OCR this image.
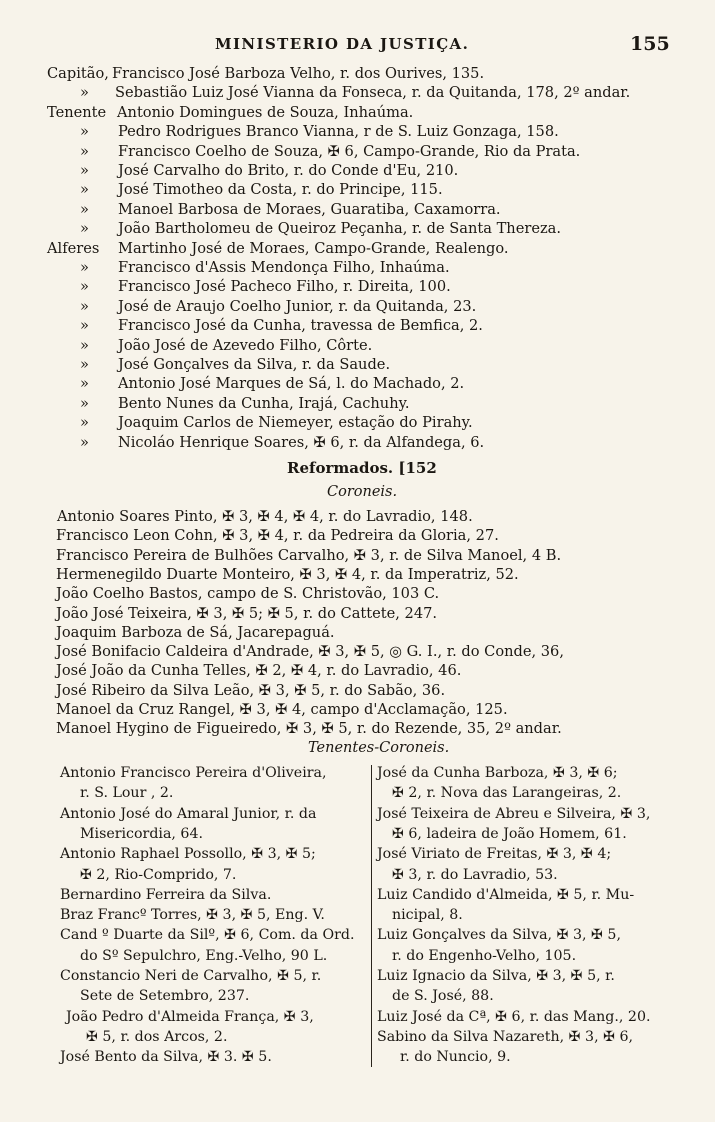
MINISTERIO DA JUSTIÇA.	155
Capitão, Francisco José Barboza Velho, r. dos Ourives, 135.
» Sebastião Luiz José Vianna da Fonseca, r. da Quitanda, 178, 2º andar.
Tenente Antonio Domingues de Souza, Inhaúma.
» Pedro Rodrigues Branco Vianna, r de S. Luiz Gonzaga, 158.
» Francisco Coelho de Souza, ✠ 6, Campo-Grande, Rio da Prata.
» José Carvalho do Brito, r. do Conde d'Eu, 210.
» José Timotheo da Costa, r. do Principe, 115.
» Manoel Barbosa de Moraes, Guaratiba, Caxamorra.
» João Bartholomeu de Queiroz Peçanha, r. de Santa Thereza.
Alferes Martinho José de Moraes, Campo-Grande, Realengo.
» Francisco d'Assis Mendonça Filho, Inhaúma.
» Francisco José Pacheco Filho, r. Direita, 100.
» José de Araujo Coelho Junior, r. da Quitanda, 23.
» Francisco José da Cunha, travessa de Bemfica, 2.
» João José de Azevedo Filho, Côrte.
» José Gonçalves da Silva, r. da Saude.
» Antonio José Marques de Sá, l. do Machado, 2.
» Bento Nunes da Cunha, Irajá, Cachuhy.
» Joaquim Carlos de Niemeyer, estação do Pirahy.
» Nicoláo Henrique Soares, ✠ 6, r. da Alfandega, 6.
Reformados. [152
Coroneis.
Antonio Soares Pinto, ✠ 3, ✠ 4, ✠ 4, r. do Lavradio, 148.
Francisco Leon Cohn, ✠ 3, ✠ 4, r. da Pedreira da Gloria, 27.
Francisco Pereira de Bulhões Carvalho, ✠ 3, r. de Silva Manoel, 4 B.
Hermenegildo Duarte Monteiro, ✠ 3, ✠ 4, r. da Imperatriz, 52.
João Coelho Bastos, campo de S. Christovão, 103 C.
João José Teixeira, ✠ 3, ✠ 5; ✠ 5, r. do Cattete, 247.
Joaquim Barboza de Sá, Jacarepaguá.
José Bonifacio Caldeira d'Andrade, ✠ 3, ✠ 5, ◎ G. I., r. do Conde, 36,
José João da Cunha Telles, ✠ 2, ✠ 4, r. do Lavradio, 46.
José Ribeiro da Silva Leão, ✠ 3, ✠ 5, r. do Sabão, 36.
Manoel da Cruz Rangel, ✠ 3, ✠ 4, campo d'Acclamação, 125.
Manoel Hygino de Figueiredo, ✠ 3, ✠ 5, r. do Rezende, 35, 2º andar.
Tenentes-Coroneis.
Antonio Francisco Pereira d'Oliveira,
r. S. Lour , 2.
Antonio José do Amaral Junior, r. da
Misericordia, 64.
Antonio Raphael Possollo, ✠ 3, ✠ 5;
✠ 2, Rio-Comprido, 7.
Bernardino Ferreira da Silva.
Braz Francº Torres, ✠ 3, ✠ 5, Eng. V.
Cand º Duarte da Silº, ✠ 6, Com. da Ord.
do Sº Sepulchro, Eng.-Velho, 90 L.
Constancio Neri de Carvalho, ✠ 5, r.
Sete de Setembro, 237.
João Pedro d'Almeida França, ✠ 3,
✠ 5, r. dos Arcos, 2.
José Bento da Silva, ✠ 3. ✠ 5.
José da Cunha Barboza, ✠ 3, ✠ 6;
✠ 2, r. Nova das Larangeiras, 2.
José Teixeira de Abreu e Silveira, ✠ 3,
✠ 6, ladeira de João Homem, 61.
José Viriato de Freitas, ✠ 3, ✠ 4;
✠ 3, r. do Lavradio, 53.
Luiz Candido d'Almeida, ✠ 5, r. Mu-
nicipal, 8.
Luiz Gonçalves da Silva, ✠ 3, ✠ 5,
r. do Engenho-Velho, 105.
Luiz Ignacio da Silva, ✠ 3, ✠ 5, r.
de S. José, 88.
Luiz José da Cª, ✠ 6, r. das Mang., 20.
Sabino da Silva Nazareth, ✠ 3, ✠ 6,
r. do Nuncio, 9.
